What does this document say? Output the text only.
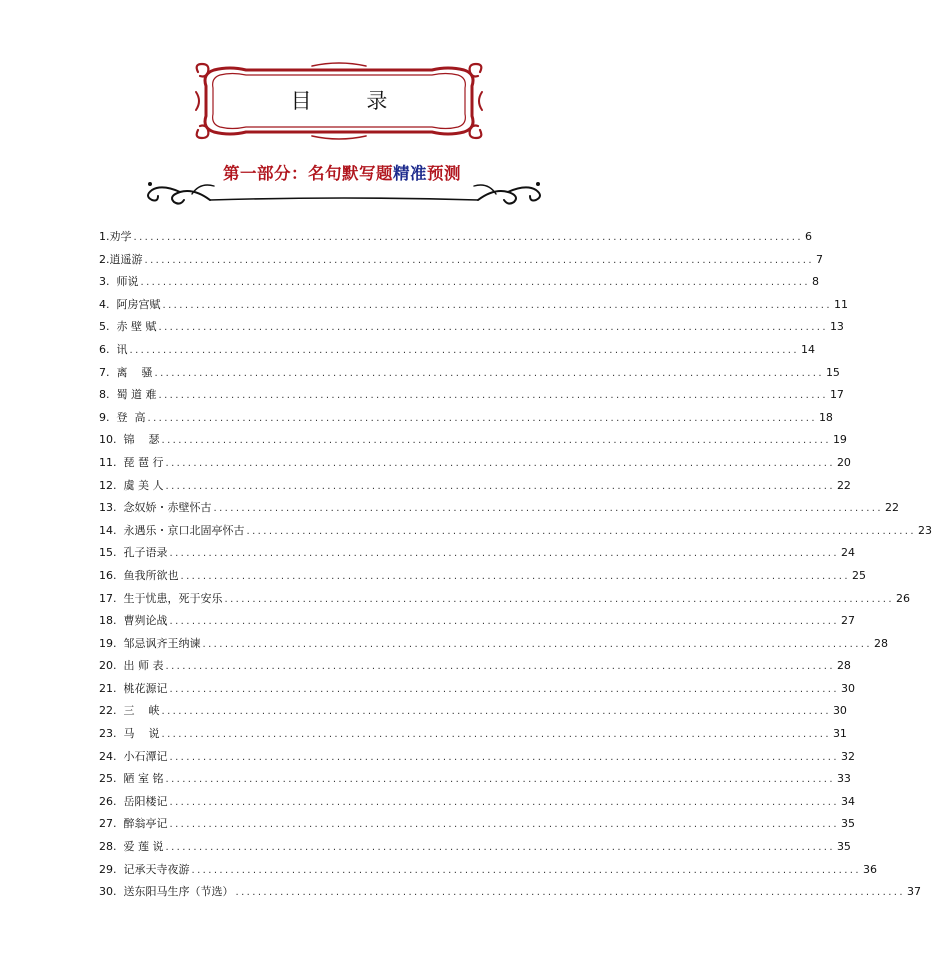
目 录
第一部分：名句默写题精准预测
1.劝学 ........................................................................................................................ 6
2.逍遥游 ........................................................................................................................ 7
3.  师说 ........................................................................................................................ 8
4.  阿房宫赋 ........................................................................................................................ 11
5.  赤 壁 赋 ........................................................................................................................ 13
6.  讯 ........................................................................................................................ 14
7.  离    骚 ........................................................................................................................ 15
8.  蜀 道 难 ........................................................................................................................ 17
9.  登  高 ........................................................................................................................ 18
10.  锦    瑟 ........................................................................................................................ 19
11.  琵 琶 行 ........................................................................................................................ 20
12.  虞 美 人 ........................................................................................................................ 22
13.  念奴娇・赤壁怀古 ........................................................................................................................ 22
14.  永遇乐・京口北固亭怀古 ........................................................................................................................ 23
15.  孔子语录 ........................................................................................................................ 24
16.  鱼我所欲也 ........................................................................................................................ 25
17.  生于忧患，死于安乐 ........................................................................................................................ 26
18.  曹刿论战 ........................................................................................................................ 27
19.  邹忌讽齐王纳谏 ........................................................................................................................ 28
20.  出 师 表 ........................................................................................................................ 28
21.  桃花源记 ........................................................................................................................ 30
22.  三    峡 ........................................................................................................................ 30
23.  马    说 ........................................................................................................................ 31
24.  小石潭记 ........................................................................................................................ 32
25.  陋 室 铭 ........................................................................................................................ 33
26.  岳阳楼记 ........................................................................................................................ 34
27.  醉翁亭记 ........................................................................................................................ 35
28.  爱 莲 说 ........................................................................................................................ 35
29.  记承天寺夜游 ........................................................................................................................ 36
30.  送东阳马生序（节选） ........................................................................................................................ 37
